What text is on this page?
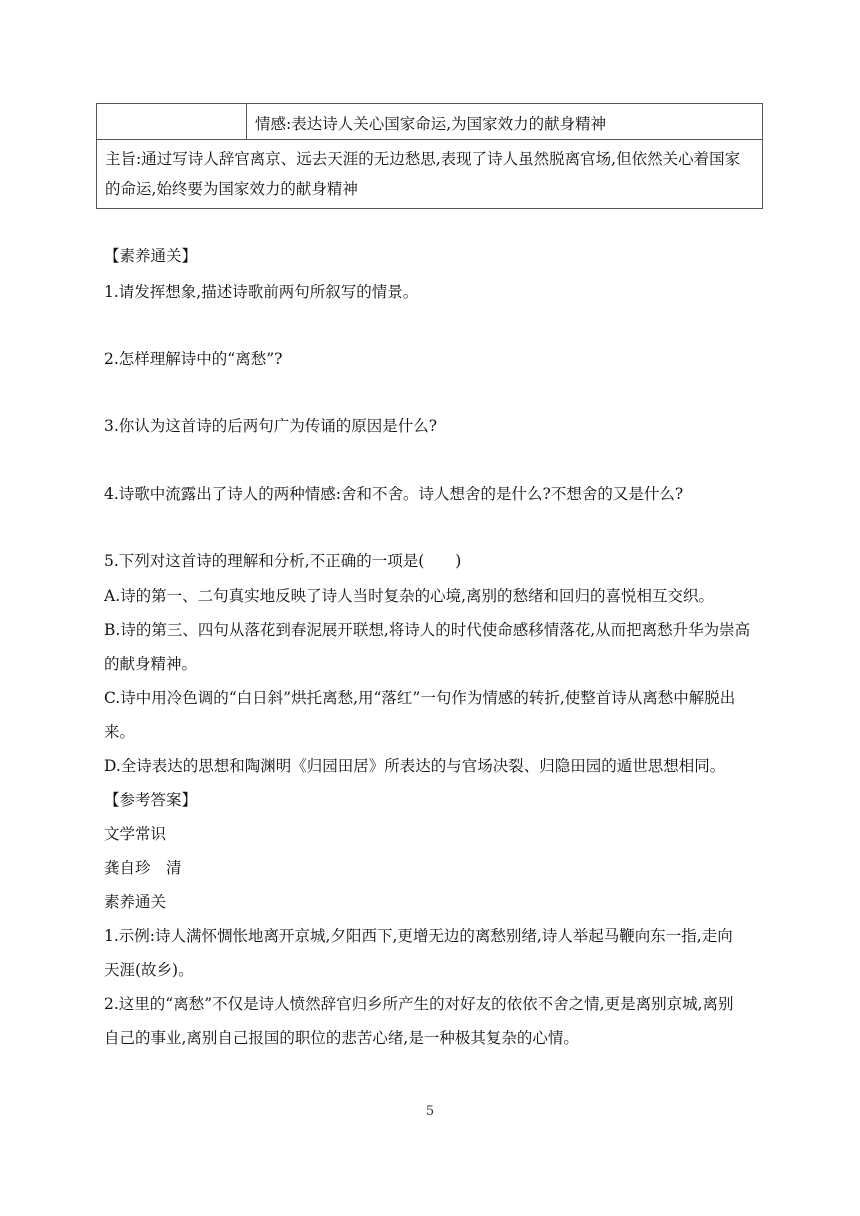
情感:表达诗人关心国家命运,为国家效力的献身精神
主旨:通过写诗人辞官离京、远去天涯的无边愁思,表现了诗人虽然脱离官场,但依然关心着国家的命运,始终要为国家效力的献身精神
【素养通关】
1.请发挥想象,描述诗歌前两句所叙写的情景。
2.怎样理解诗中的“离愁”?
3.你认为这首诗的后两句广为传诵的原因是什么?
4.诗歌中流露出了诗人的两种情感:舍和不舍。诗人想舍的是什么?不想舍的又是什么?
5.下列对这首诗的理解和分析,不正确的一项是(　　)
A.诗的第一、二句真实地反映了诗人当时复杂的心境,离别的愁绪和回归的喜悦相互交织。
B.诗的第三、四句从落花到春泥展开联想,将诗人的时代使命感移情落花,从而把离愁升华为崇高
的献身精神。
C.诗中用冷色调的“白日斜”烘托离愁,用“落红”一句作为情感的转折,使整首诗从离愁中解脱出
来。
D.全诗表达的思想和陶渊明《归园田居》所表达的与官场决裂、归隐田园的遁世思想相同。
【参考答案】
文学常识
龚自珍　清
素养通关
1.示例:诗人满怀惆怅地离开京城,夕阳西下,更增无边的离愁别绪,诗人举起马鞭向东一指,走向
天涯(故乡)。
2.这里的“离愁”不仅是诗人愤然辞官归乡所产生的对好友的依依不舍之情,更是离别京城,离别
自己的事业,离别自己报国的职位的悲苦心绪,是一种极其复杂的心情。
5
